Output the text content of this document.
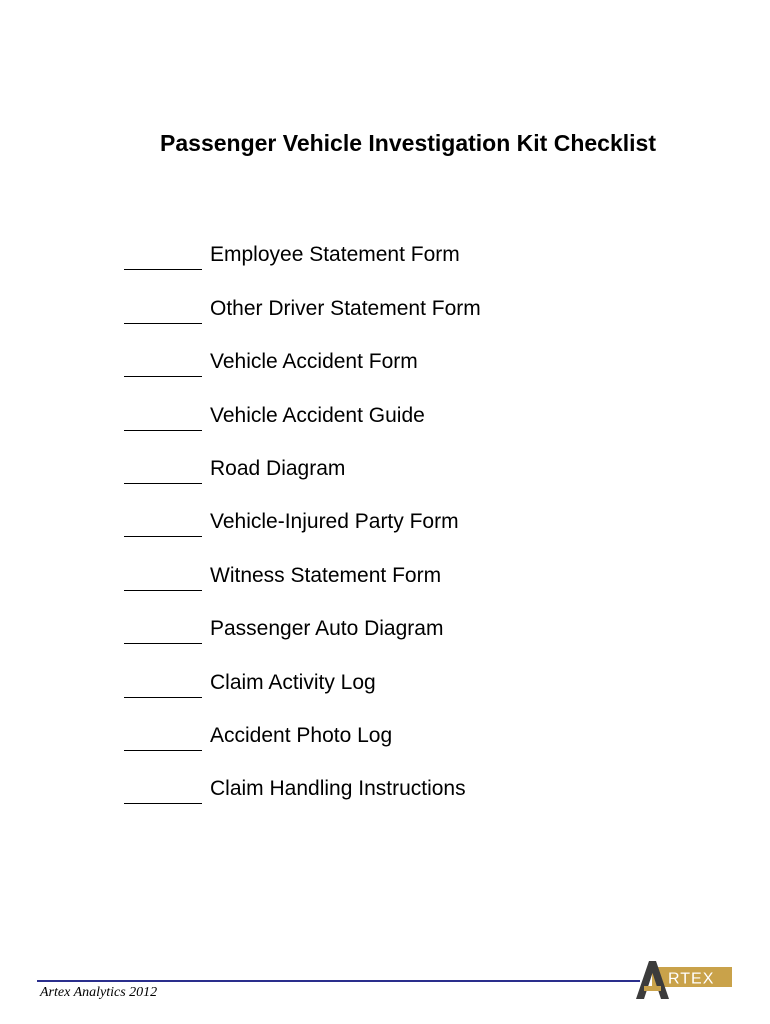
Passenger Vehicle Investigation Kit Checklist
Employee Statement Form
Other Driver Statement Form
Vehicle Accident Form
Vehicle Accident Guide
Road Diagram
Vehicle-Injured Party Form
Witness Statement Form
Passenger Auto Diagram
Claim Activity Log
Accident Photo Log
Claim Handling Instructions
Artex Analytics 2012
RTEX
